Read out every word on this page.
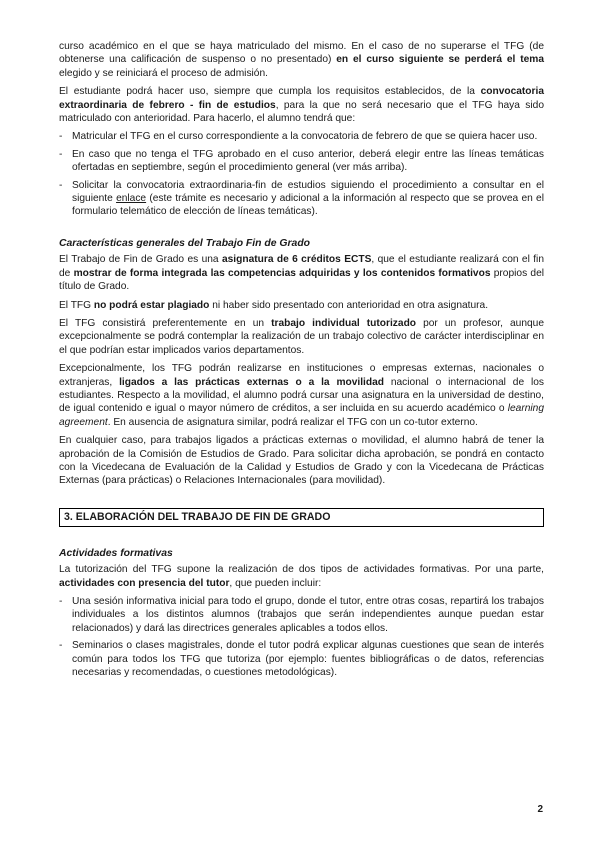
curso académico en el que se haya matriculado del mismo. En el caso de no superarse el TFG (de obtenerse una calificación de suspenso o no presentado) en el curso siguiente se perderá el tema elegido y se reiniciará el proceso de admisión.

El estudiante podrá hacer uso, siempre que cumpla los requisitos establecidos, de la convocatoria extraordinaria de febrero - fin de estudios, para la que no será necesario que el TFG haya sido matriculado con anterioridad. Para hacerlo, el alumno tendrá que:

- Matricular el TFG en el curso correspondiente a la convocatoria de febrero de que se quiera hacer uso.
- En caso que no tenga el TFG aprobado en el cuso anterior, deberá elegir entre las líneas temáticas ofertadas en septiembre, según el procedimiento general (ver más arriba).
- Solicitar la convocatoria extraordinaria-fin de estudios siguiendo el procedimiento a consultar en el siguiente enlace (este trámite es necesario y adicional a la información al respecto que se provea en el formulario telemático de elección de líneas temáticas).
Características generales del Trabajo Fin de Grado

El Trabajo de Fin de Grado es una asignatura de 6 créditos ECTS, que el estudiante realizará con el fin de mostrar de forma integrada las competencias adquiridas y los contenidos formativos propios del título de Grado.

El TFG no podrá estar plagiado ni haber sido presentado con anterioridad en otra asignatura.

El TFG consistirá preferentemente en un trabajo individual tutorizado por un profesor, aunque excepcionalmente se podrá contemplar la realización de un trabajo colectivo de carácter interdisciplinar en el que podrían estar implicados varios departamentos.

Excepcionalmente, los TFG podrán realizarse en instituciones o empresas externas, nacionales o extranjeras, ligados a las prácticas externas o a la movilidad nacional o internacional de los estudiantes. Respecto a la movilidad, el alumno podrá cursar una asignatura en la universidad de destino, de igual contenido e igual o mayor número de créditos, a ser incluida en su acuerdo académico o learning agreement. En ausencia de asignatura similar, podrá realizar el TFG con un co-tutor externo.

En cualquier caso, para trabajos ligados a prácticas externas o movilidad, el alumno habrá de tener la aprobación de la Comisión de Estudios de Grado. Para solicitar dicha aprobación, se pondrá en contacto con la Vicedecana de Evaluación de la Calidad y Estudios de Grado y con la Vicedecana de Prácticas Externas (para prácticas) o Relaciones Internacionales (para movilidad).

3. ELABORACIÓN DEL TRABAJO DE FIN DE GRADO
Actividades formativas

La tutorización del TFG supone la realización de dos tipos de actividades formativas. Por una parte, actividades con presencia del tutor, que pueden incluir:

- Una sesión informativa inicial para todo el grupo, donde el tutor, entre otras cosas, repartirá los trabajos individuales a los distintos alumnos (trabajos que serán independientes aunque puedan estar relacionados) y dará las directrices generales aplicables a todos ellos.
- Seminarios o clases magistrales, donde el tutor podrá explicar algunas cuestiones que sean de interés común para todos los TFG que tutoriza (por ejemplo: fuentes bibliográficas o de datos, referencias necesarias y recomendadas, o cuestiones metodológicas).
2
